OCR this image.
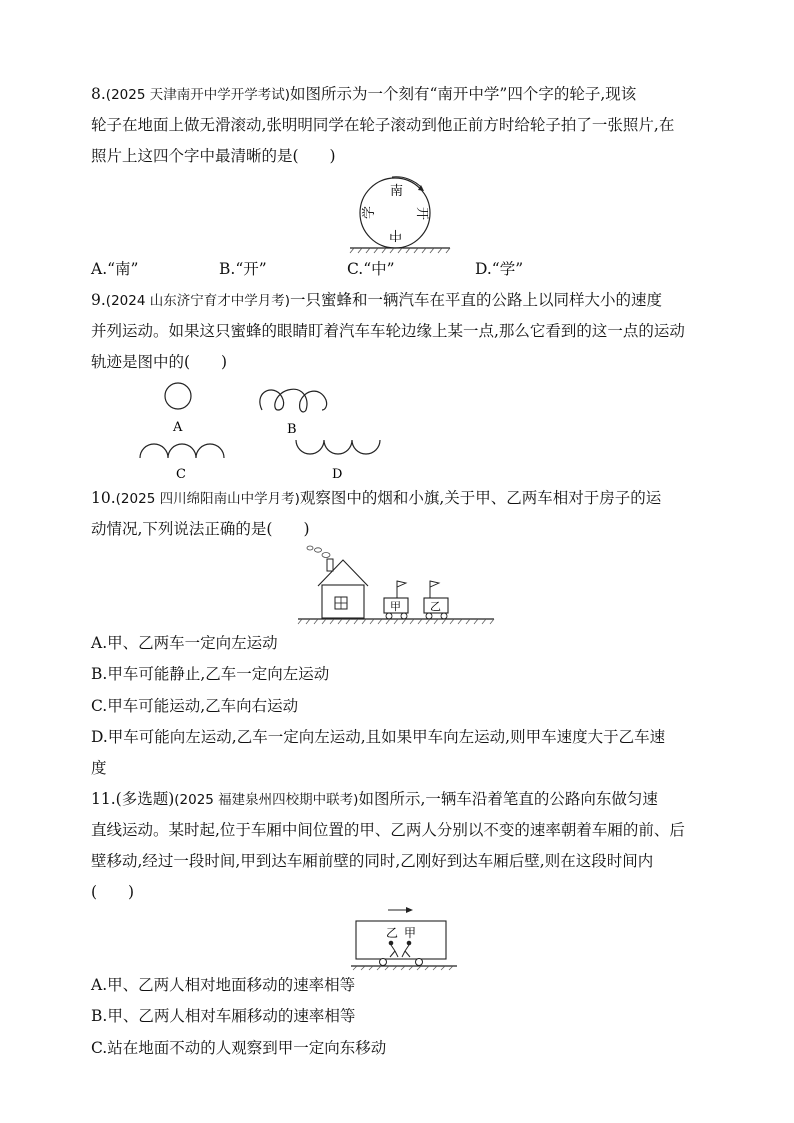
8.(2025 天津南开中学开学考试)如图所示为一个刻有“南开中学”四个字的轮子,现该
轮子在地面上做无滑滚动,张明明同学在轮子滚动到他正前方时给轮子拍了一张照片,在
照片上这四个字中最清晰的是(　　)
南
开
中
学
A.“南”	B.“开”	C.“中”	D.“学”
9.(2024 山东济宁育才中学月考)一只蜜蜂和一辆汽车在平直的公路上以同样大小的速度
并列运动。如果这只蜜蜂的眼睛盯着汽车车轮边缘上某一点,那么它看到的这一点的运动
轨迹是图中的(　　)
A	B
C	D
10.(2025 四川绵阳南山中学月考)观察图中的烟和小旗,关于甲、乙两车相对于房子的运
动情况,下列说法正确的是(　　)
甲	乙
A.甲、乙两车一定向左运动
B.甲车可能静止,乙车一定向左运动
C.甲车可能运动,乙车向右运动
D.甲车可能向左运动,乙车一定向左运动,且如果甲车向左运动,则甲车速度大于乙车速
度
11.(多选题)(2025 福建泉州四校期中联考)如图所示,一辆车沿着笔直的公路向东做匀速
直线运动。某时起,位于车厢中间位置的甲、乙两人分别以不变的速率朝着车厢的前、后
壁移动,经过一段时间,甲到达车厢前壁的同时,乙刚好到达车厢后壁,则在这段时间内
(　　)
乙 甲
A.甲、乙两人相对地面移动的速率相等
B.甲、乙两人相对车厢移动的速率相等
C.站在地面不动的人观察到甲一定向东移动
